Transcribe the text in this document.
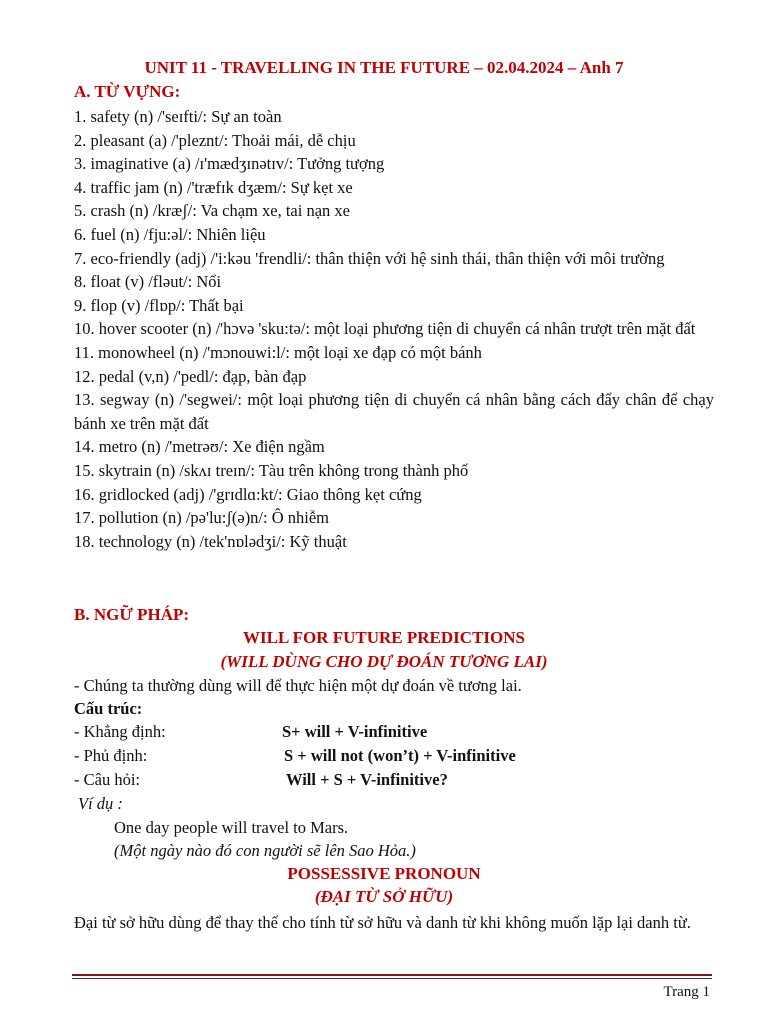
UNIT 11 - TRAVELLING IN THE FUTURE – 02.04.2024 – Anh 7
A. TỪ VỰNG:
1. safety (n) /'seɪfti/: Sự an toàn
2. pleasant (a) /'pleznt/: Thoải mái, dễ chịu
3. imaginative (a) /ɪ'mædʒɪnətɪv/: Tưởng tượng
4. traffic jam (n) /'træfɪk dʒæm/: Sự kẹt xe
5. crash (n) /kræʃ/: Va chạm xe, tai nạn xe
6. fuel (n) /fju:əl/: Nhiên liệu
7. eco-friendly (adj) /'i:kəu 'frendli/: thân thiện với hệ sinh thái, thân thiện với môi trường
8. float (v) /fləut/: Nổi
9. flop (v) /flɒp/: Thất bại
10. hover scooter (n) /'hɔvə 'sku:tə/: một loại phương tiện di chuyển cá nhân trượt trên mặt đất
11. monowheel (n) /'mɔnouwi:l/: một loại xe đạp có một bánh
12. pedal (v,n) /'pedl/: đạp, bàn đạp
13. segway (n) /'segwei/: một loại phương tiện di chuyển cá nhân bằng cách đẩy chân để chạy bánh xe trên mặt đất
14. metro (n) /'metrəʊ/: Xe điện ngầm
15. skytrain (n) /skʌɪ treɪn/: Tàu trên không trong thành phố
16. gridlocked (adj) /'grɪdlɑ:kt/: Giao thông kẹt cứng
17. pollution (n) /pə'lu:ʃ(ə)n/: Ô nhiễm
18. technology (n) /tek'nɒlədʒi/: Kỹ thuật
B. NGỮ PHÁP:
WILL FOR FUTURE PREDICTIONS
(WILL DÙNG CHO DỰ ĐOÁN TƯƠNG LAI)
- Chúng ta thường dùng will để thực hiện một dự đoán về tương lai.
Cấu trúc:
- Khẳng định:	S+ will + V-infinitive
- Phủ định:	S + will not (won’t) + V-infinitive
- Câu hỏi:	Will + S + V-infinitive?
Ví dụ :
One day people will travel to Mars.
(Một ngày nào đó con người sẽ lên Sao Hỏa.)
POSSESSIVE PRONOUN
(ĐẠI TỪ SỞ HỮU)
Đại từ sở hữu dùng để thay thế cho tính từ sở hữu và danh từ khi không muốn lặp lại danh từ.
Trang 1
